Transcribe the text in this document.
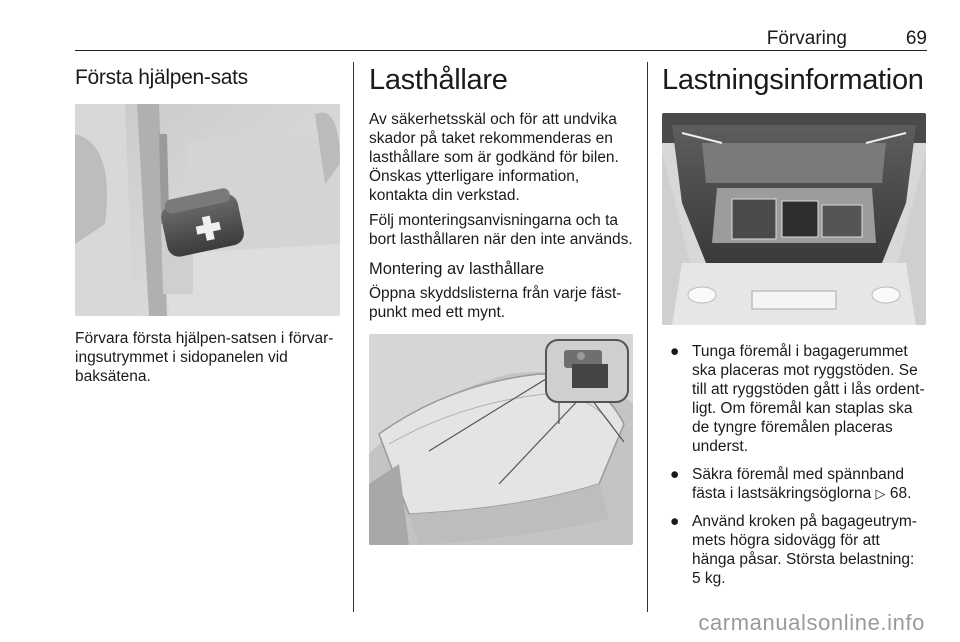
Förvaring	69
Första hjälpen-sats

Förvara första hjälpen-satsen i förvaringsutrymmet i sidopanelen vid baksätena.

Lasthållare

Av säkerhetsskäl och för att undvika skador på taket rekommenderas en lasthållare som är godkänd för bilen. Önskas ytterligare information, kontakta din verkstad.

Följ monteringsanvisningarna och ta bort lasthållaren när den inte används.

Montering av lasthållare

Öppna skyddslisterna från varje fästpunkt med ett mynt.

Lastningsinformation
● Tunga föremål i bagagerummet ska placeras mot ryggstöden. Se till att ryggstöden gått i lås ordentligt. Om föremål kan staplas ska de tyngre föremålen placeras underst.
● Säkra föremål med spännband fästa i lastsäkringsöglorna ▷ 68.
● Använd kroken på bagageutrymmets högra sidovägg för att hänga påsar. Största belastning: 5 kg.
carmanualsonline.info
